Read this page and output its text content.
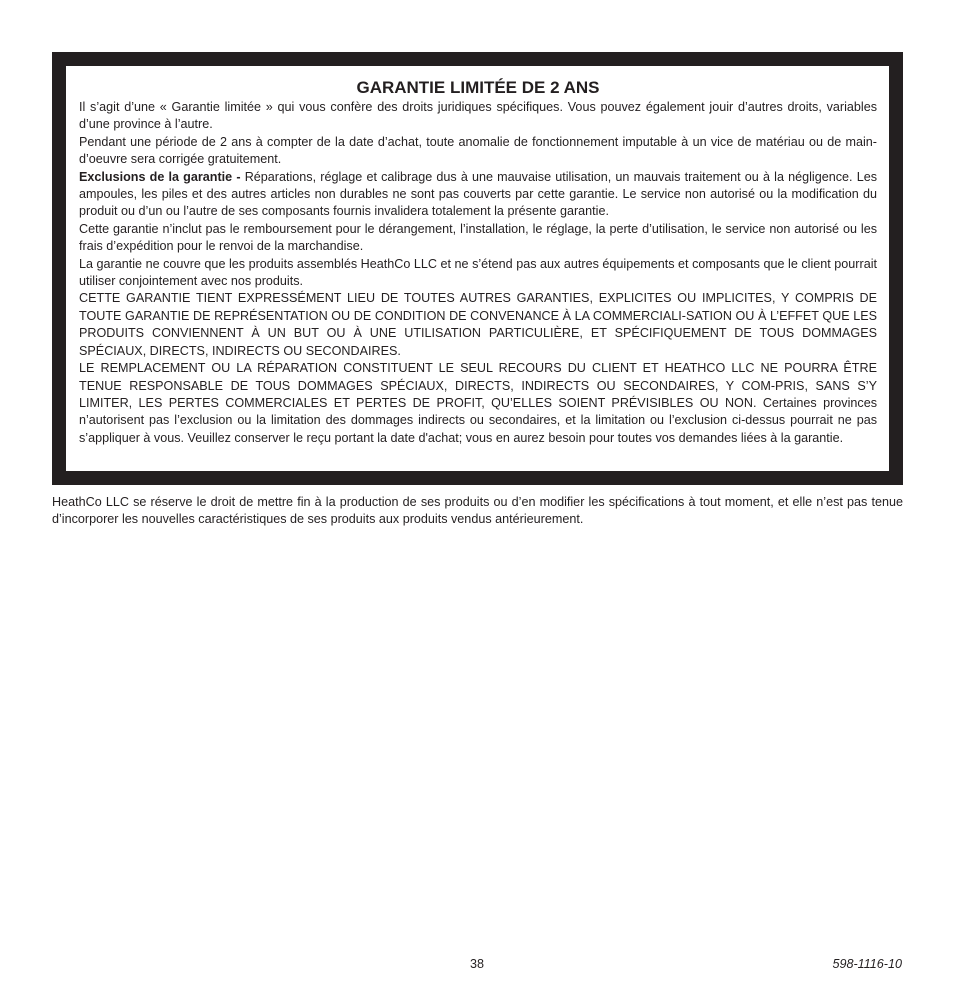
GARANTIE LIMITÉE DE 2 ANS

Il s’agit d’une « Garantie limitée » qui vous confère des droits juridiques spécifiques. Vous pouvez également jouir d’autres droits, variables d’une province à l’autre.

Pendant une période de 2 ans à compter de la date d’achat, toute anomalie de fonctionnement imputable à un vice de matériau ou de main-d’oeuvre sera corrigée gratuitement.

Exclusions de la garantie - Réparations, réglage et calibrage dus à une mauvaise utilisation, un mauvais traitement ou à la négligence. Les ampoules, les piles et des autres articles non durables ne sont pas couverts par cette garantie. Le service non autorisé ou la modification du produit ou d’un ou l’autre de ses composants fournis invalidera totalement la présente garantie.

Cette garantie n’inclut pas le remboursement pour le dérangement, l’installation, le réglage, la perte d’utilisation, le service non autorisé ou les frais d’expédition pour le renvoi de la marchandise.

La garantie ne couvre que les produits assemblés HeathCo LLC et ne s’étend pas aux autres équipements et composants que le client pourrait utiliser conjointement avec nos produits.

CETTE GARANTIE TIENT EXPRESSÉMENT LIEU DE TOUTES AUTRES GARANTIES, EXPLICITES OU IMPLICITES, Y COMPRIS DE TOUTE GARANTIE DE REPRÉSENTATION OU DE CONDITION DE CONVENANCE À LA COMMERCIALI-SATION OU À L’EFFET QUE LES PRODUITS CONVIENNENT À UN BUT OU À UNE UTILISATION PARTICULIÈRE, ET SPÉCIFIQUEMENT DE TOUS DOMMAGES SPÉCIAUX, DIRECTS, INDIRECTS OU SECONDAIRES.

LE REMPLACEMENT OU LA RÉPARATION CONSTITUENT LE SEUL RECOURS DU CLIENT ET HEATHCO LLC NE POURRA ÊTRE TENUE RESPONSABLE DE TOUS DOMMAGES SPÉCIAUX, DIRECTS, INDIRECTS OU SECONDAIRES, Y COM-PRIS, SANS S’Y LIMITER, LES PERTES COMMERCIALES ET PERTES DE PROFIT, QU’ELLES SOIENT PRÉVISIBLES OU NON. Certaines provinces n’autorisent pas l’exclusion ou la limitation des dommages indirects ou secondaires, et la limitation ou l’exclusion ci-dessus pourrait ne pas s’appliquer à vous. Veuillez conserver le reçu portant la date d'achat; vous en aurez besoin pour toutes vos demandes liées à la garantie.

HeathCo LLC se réserve le droit de mettre fin à la production de ses produits ou d’en modifier les spécifications à tout moment, et elle n’est pas tenue d’incorporer les nouvelles caractéristiques de ses produits aux produits vendus antérieurement.

38	598-1116-10
